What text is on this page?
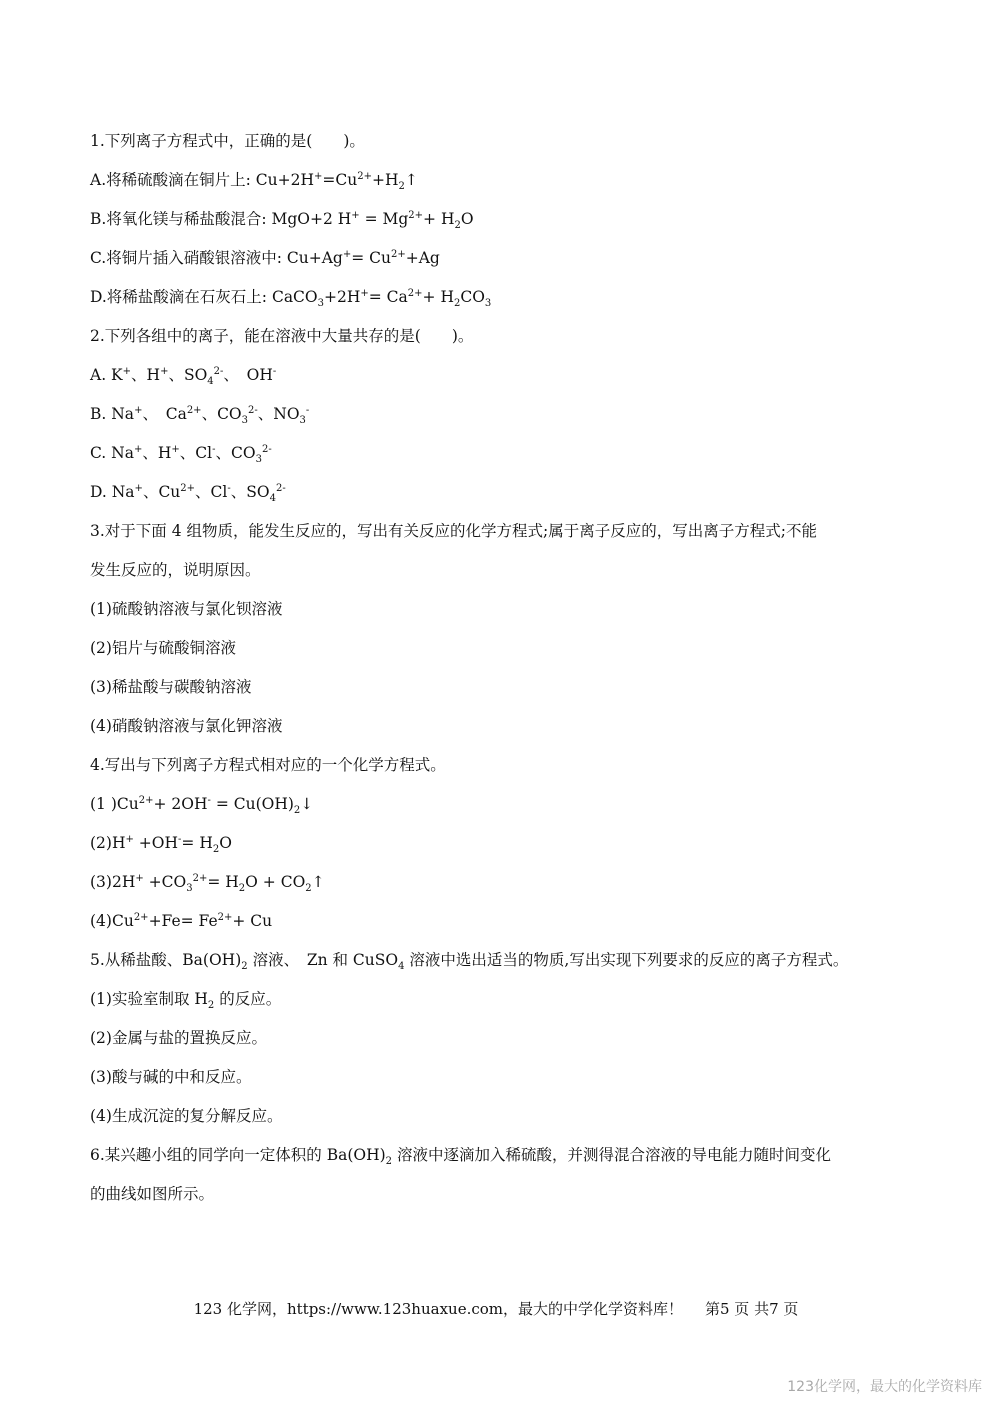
1.下列离子方程式中，正确的是(　　)。
A.将稀硫酸滴在铜片上: $Cu+2H^+=Cu^{2+}+H_2↑$
B.将氧化镁与稀盐酸混合: MgO+2 $H^+ = Mg^{2+}+ H_2O$
C.将铜片插入硝酸银溶液中: $Cu+Ag^+= Cu^{2+}+Ag$
D.将稀盐酸滴在石灰石上: CaCO$_3$+2H+= $Ca^{2+}+ H_2CO_3$
2.下列各组中的离子，能在溶液中大量共存的是(　　)。
A. K+、H+、$SO_4^{2-}$、　OH-
B. Na+、　$Ca^{2+}$、$CO_3^{2-}$、$NO_3^-$
C. Na+、H+、Cl-、$CO_3^{2-}$
D. Na+、$Cu^{2+}$、Cl-、$SO_4^{2-}$
3.对于下面 4 组物质，能发生反应的，写出有关反应的化学方程式;属于离子反应的，写出离子方程式;不能
发生反应的，说明原因。
(1)硫酸钠溶液与氯化钡溶液
(2)铝片与硫酸铜溶液
(3)稀盐酸与碳酸钠溶液
(4)硝酸钠溶液与氯化钾溶液
4.写出与下列离子方程式相对应的一个化学方程式。
(1 )$Cu^{2+}+ 2OH^-$ = $Cu(OH)_2↓$
$(2)H^+ +OH^-= H_2O$
$(3)2H^+ +CO_3^{2+}= H_2O$ + $CO_2↑$
$(4)Cu^{2+}+Fe= Fe^{2+}+ Cu$
5.从稀盐酸、$Ba(OH)_2$ 溶液、　Zn 和 CuSO$_4$ 溶液中选出适当的物质,写出实现下列要求的反应的离子方程式。
(1)实验室制取 $H_2$ 的反应。
(2)金属与盐的置换反应。
(3)酸与碱的中和反应。
(4)生成沉淀的复分解反应。
6.某兴趣小组的同学向一定体积的 $Ba(OH)_2$ 溶液中逐滴加入稀硫酸，并测得混合溶液的导电能力随时间变化
的曲线如图所示。
123 化学网，https://www.123huaxue.com，最大的中学化学资料库！ 第5 页 共7 页
123化学网，最大的化学资料库
